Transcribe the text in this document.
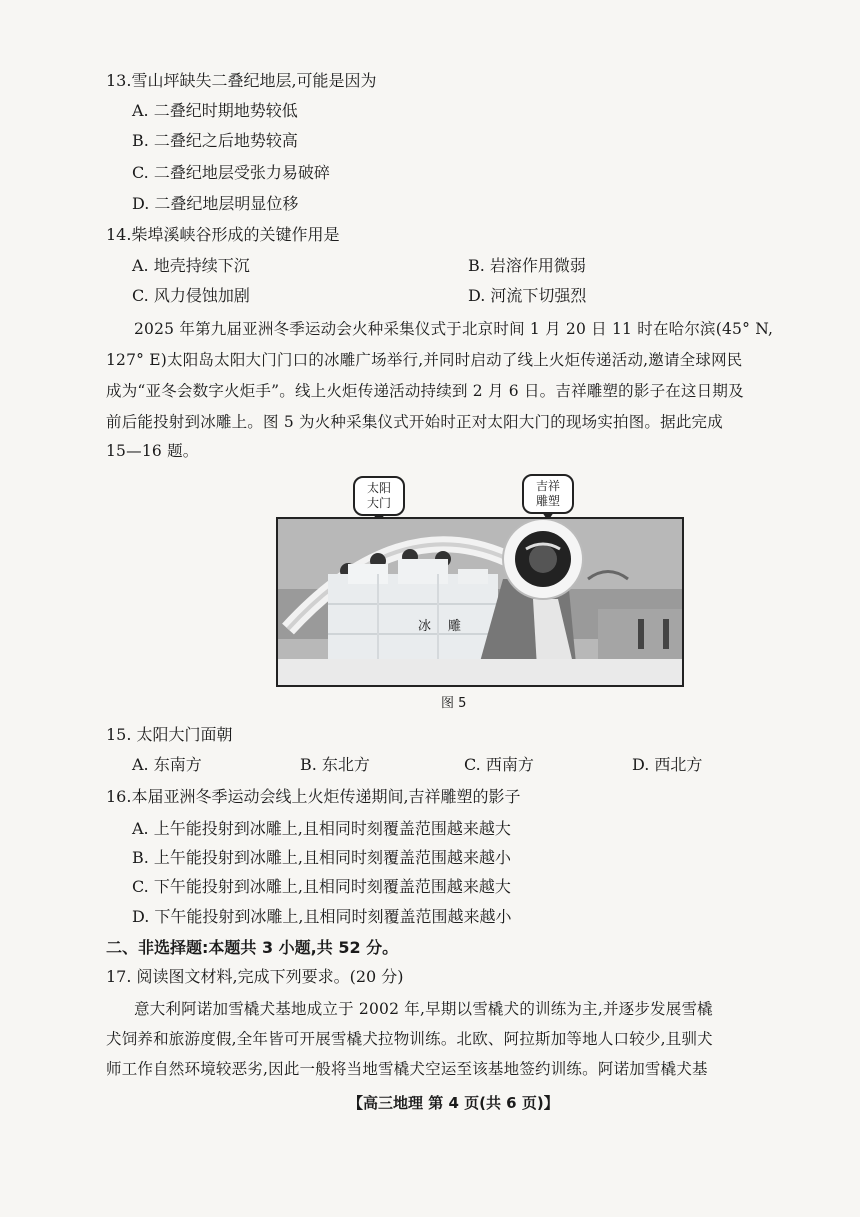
13.雪山坪缺失二叠纪地层,可能是因为
A. 二叠纪时期地势较低
B. 二叠纪之后地势较高
C. 二叠纪地层受张力易破碎
D. 二叠纪地层明显位移
14.柴埠溪峡谷形成的关键作用是
A. 地壳持续下沉	B. 岩溶作用微弱
C. 风力侵蚀加剧	D. 河流下切强烈
2025 年第九届亚洲冬季运动会火种采集仪式于北京时间 1 月 20 日 11 时在哈尔滨(45° N,
127° E)太阳岛太阳大门门口的冰雕广场举行,并同时启动了线上火炬传递活动,邀请全球网民
成为“亚冬会数字火炬手”。线上火炬传递活动持续到 2 月 6 日。吉祥雕塑的影子在这日期及
前后能投射到冰雕上。图 5 为火种采集仪式开始时正对太阳大门的现场实拍图。据此完成
15—16 题。
太阳
大门
吉祥
雕塑
冰 雕
图 5
15. 太阳大门面朝
A. 东南方	B. 东北方	C. 西南方	D. 西北方
16.本届亚洲冬季运动会线上火炬传递期间,吉祥雕塑的影子
A. 上午能投射到冰雕上,且相同时刻覆盖范围越来越大
B. 上午能投射到冰雕上,且相同时刻覆盖范围越来越小
C. 下午能投射到冰雕上,且相同时刻覆盖范围越来越大
D. 下午能投射到冰雕上,且相同时刻覆盖范围越来越小
二、非选择题:本题共 3 小题,共 52 分。
17. 阅读图文材料,完成下列要求。(20 分)
意大利阿诺加雪橇犬基地成立于 2002 年,早期以雪橇犬的训练为主,并逐步发展雪橇
犬饲养和旅游度假,全年皆可开展雪橇犬拉物训练。北欧、阿拉斯加等地人口较少,且驯犬
师工作自然环境较恶劣,因此一般将当地雪橇犬空运至该基地签约训练。阿诺加雪橇犬基
【高三地理 第 4 页(共 6 页)】
